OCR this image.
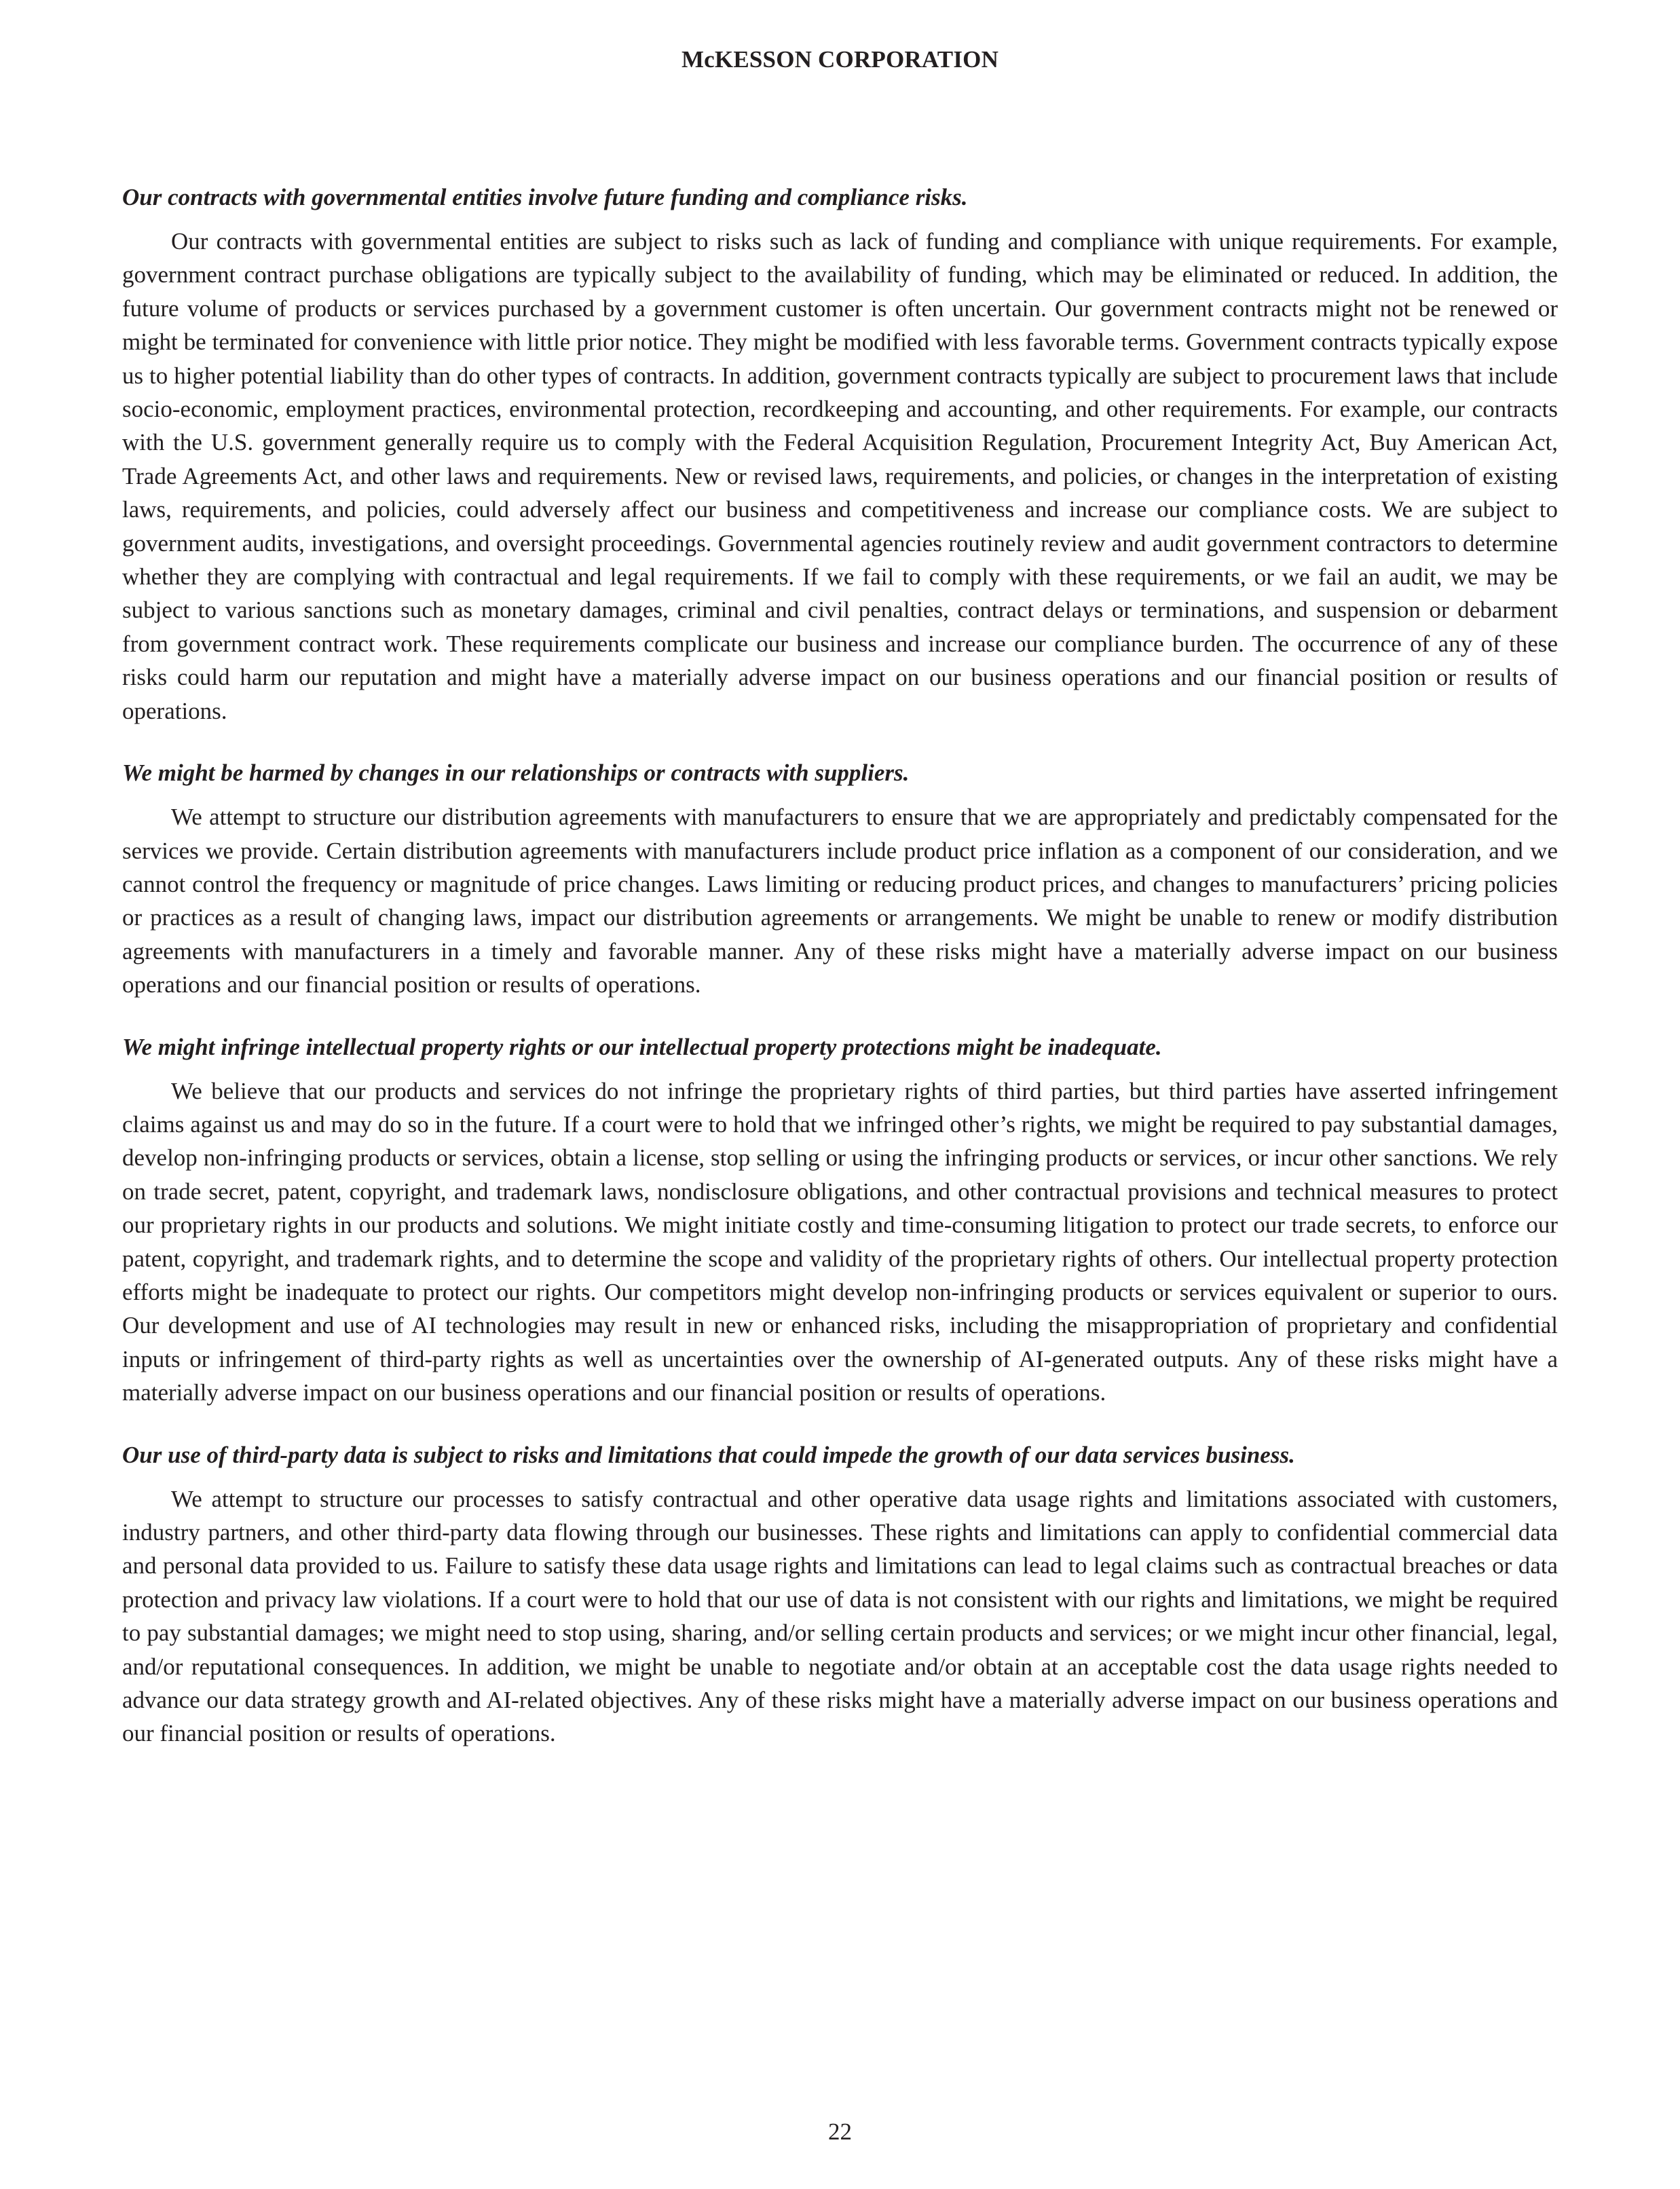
McKESSON CORPORATION

Our contracts with governmental entities involve future funding and compliance risks.

Our contracts with governmental entities are subject to risks such as lack of funding and compliance with unique requirements. For example, government contract purchase obligations are typically subject to the availability of funding, which may be eliminated or reduced. In addition, the future volume of products or services purchased by a government customer is often uncertain. Our government contracts might not be renewed or might be terminated for convenience with little prior notice. They might be modified with less favorable terms. Government contracts typically expose us to higher potential liability than do other types of contracts. In addition, government contracts typically are subject to procurement laws that include socio-economic, employment practices, environmental protection, recordkeeping and accounting, and other requirements. For example, our contracts with the U.S. government generally require us to comply with the Federal Acquisition Regulation, Procurement Integrity Act, Buy American Act, Trade Agreements Act, and other laws and requirements. New or revised laws, requirements, and policies, or changes in the interpretation of existing laws, requirements, and policies, could adversely affect our business and competitiveness and increase our compliance costs. We are subject to government audits, investigations, and oversight proceedings. Governmental agencies routinely review and audit government contractors to determine whether they are complying with contractual and legal requirements. If we fail to comply with these requirements, or we fail an audit, we may be subject to various sanctions such as monetary damages, criminal and civil penalties, contract delays or terminations, and suspension or debarment from government contract work. These requirements complicate our business and increase our compliance burden. The occurrence of any of these risks could harm our reputation and might have a materially adverse impact on our business operations and our financial position or results of operations.

We might be harmed by changes in our relationships or contracts with suppliers.

We attempt to structure our distribution agreements with manufacturers to ensure that we are appropriately and predictably compensated for the services we provide. Certain distribution agreements with manufacturers include product price inflation as a component of our consideration, and we cannot control the frequency or magnitude of price changes. Laws limiting or reducing product prices, and changes to manufacturers’ pricing policies or practices as a result of changing laws, impact our distribution agreements or arrangements. We might be unable to renew or modify distribution agreements with manufacturers in a timely and favorable manner. Any of these risks might have a materially adverse impact on our business operations and our financial position or results of operations.

We might infringe intellectual property rights or our intellectual property protections might be inadequate.

We believe that our products and services do not infringe the proprietary rights of third parties, but third parties have asserted infringement claims against us and may do so in the future. If a court were to hold that we infringed other’s rights, we might be required to pay substantial damages, develop non-infringing products or services, obtain a license, stop selling or using the infringing products or services, or incur other sanctions. We rely on trade secret, patent, copyright, and trademark laws, nondisclosure obligations, and other contractual provisions and technical measures to protect our proprietary rights in our products and solutions. We might initiate costly and time-consuming litigation to protect our trade secrets, to enforce our patent, copyright, and trademark rights, and to determine the scope and validity of the proprietary rights of others. Our intellectual property protection efforts might be inadequate to protect our rights. Our competitors might develop non-infringing products or services equivalent or superior to ours. Our development and use of AI technologies may result in new or enhanced risks, including the misappropriation of proprietary and confidential inputs or infringement of third-party rights as well as uncertainties over the ownership of AI-generated outputs. Any of these risks might have a materially adverse impact on our business operations and our financial position or results of operations.

Our use of third-party data is subject to risks and limitations that could impede the growth of our data services business.

We attempt to structure our processes to satisfy contractual and other operative data usage rights and limitations associated with customers, industry partners, and other third-party data flowing through our businesses. These rights and limitations can apply to confidential commercial data and personal data provided to us. Failure to satisfy these data usage rights and limitations can lead to legal claims such as contractual breaches or data protection and privacy law violations. If a court were to hold that our use of data is not consistent with our rights and limitations, we might be required to pay substantial damages; we might need to stop using, sharing, and/or selling certain products and services; or we might incur other financial, legal, and/or reputational consequences. In addition, we might be unable to negotiate and/or obtain at an acceptable cost the data usage rights needed to advance our data strategy growth and AI-related objectives. Any of these risks might have a materially adverse impact on our business operations and our financial position or results of operations.

22
